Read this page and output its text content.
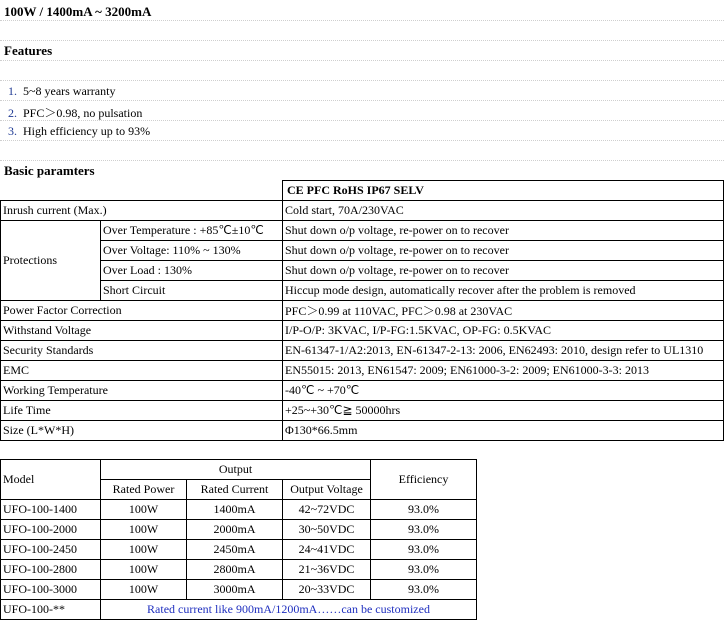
100W / 1400mA ~ 3200mA
Features
1. 5~8 years warranty
2. PFC＞0.98, no pulsation
3. High efficiency up to 93%
Basic paramters
		CE PFC RoHS IP67 SELV
Inrush current (Max.)		Cold start, 70A/230VAC
Protections	Over Temperature : +85℃±10℃	Shut down o/p voltage, re-power on to recover
	Over Voltage: 110% ~ 130%	Shut down o/p voltage, re-power on to recover
	Over Load : 130%	Shut down o/p voltage, re-power on to recover
	Short Circuit	Hiccup mode design, automatically recover after the problem is removed
Power Factor Correction		PFC＞0.99 at 110VAC, PFC＞0.98 at 230VAC
Withstand Voltage		I/P-O/P: 3KVAC, I/P-FG:1.5KVAC, OP-FG: 0.5KVAC
Security Standards		EN-61347-1/A2:2013, EN-61347-2-13: 2006, EN62493: 2010, design refer to UL1310
EMC		EN55015: 2013, EN61547: 2009; EN61000-3-2: 2009; EN61000-3-3: 2013
Working Temperature		-40℃ ~ +70℃
Life Time		+25~+30℃≧ 50000hrs
Size (L*W*H)		Φ130*66.5mm
Model	Output			Efficiency
	Rated Power	Rated Current	Output Voltage	
UFO-100-1400	100W	1400mA	42~72VDC	93.0%
UFO-100-2000	100W	2000mA	30~50VDC	93.0%
UFO-100-2450	100W	2450mA	24~41VDC	93.0%
UFO-100-2800	100W	2800mA	21~36VDC	93.0%
UFO-100-3000	100W	3000mA	20~33VDC	93.0%
UFO-100-**	Rated current like 900mA/1200mA……can be customized			
